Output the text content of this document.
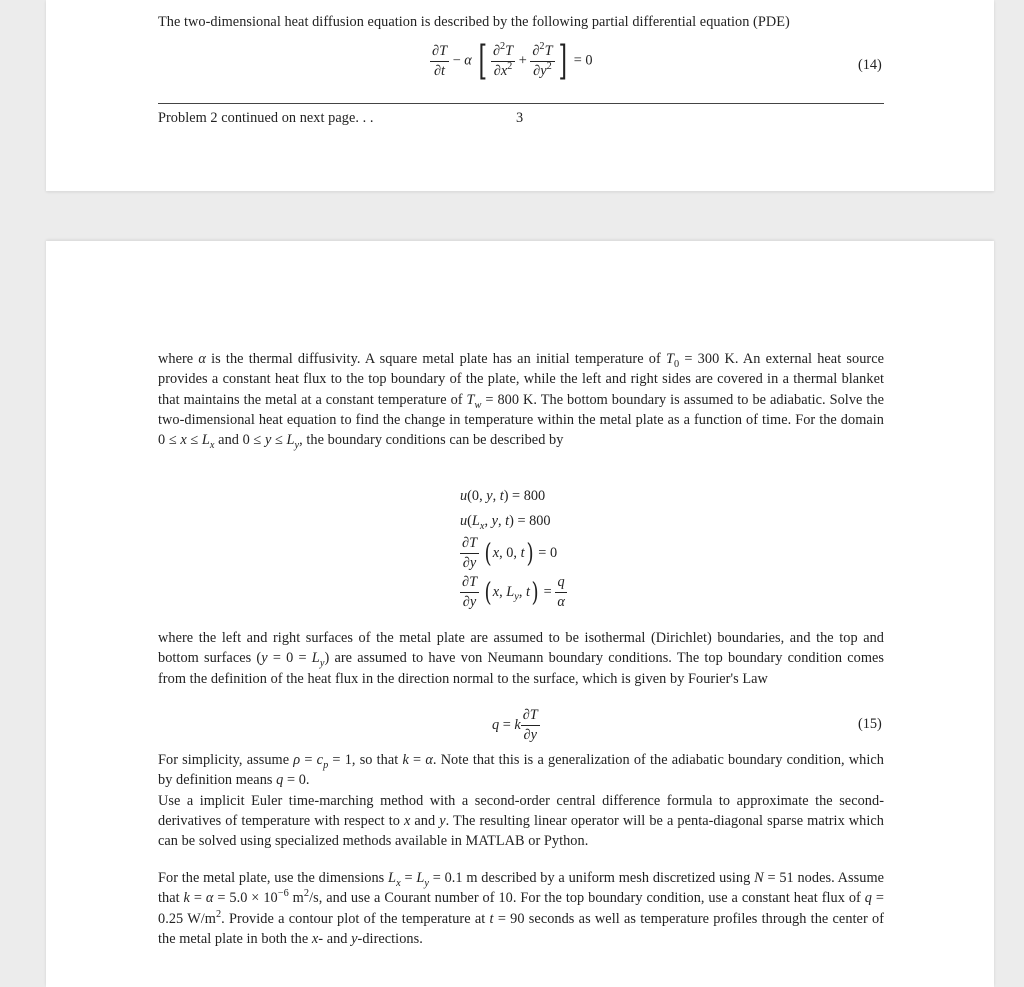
The two-dimensional heat diffusion equation is described by the following partial differential equation (PDE)
$\frac{\partial T}{\partial t} - \alpha$ [ $\frac{\partial^2T}{\partial x^2} + \frac{\partial^2T}{\partial y^2}$ ] = 0	(14)
Problem 2 continued on next page. . .	3
where α is the thermal diffusivity. A square metal plate has an initial temperature of $T_0 = 300$ K. An external heat source provides a constant heat flux to the top boundary of the plate, while the left and right sides are covered in a thermal blanket that maintains the metal at a constant temperature of $T_w = 800$ K. The bottom boundary is assumed to be adiabatic. Solve the two-dimensional heat equation to find the change in temperature within the metal plate as a function of time. For the domain $0 \le x \le L_x$ and $0 \le y \le L_y$, the boundary conditions can be described by
u(0, y, t) = 800
$u(L_x$, y, t) = 800
$\frac{\partial T}{\partial y}$ ( x, 0, t) = 0
$\frac{\partial T}{\partial y}$ ( x, $L_y$, $t) = \frac{q}{\alpha}$
where the left and right surfaces of the metal plate are assumed to be isothermal (Dirichlet) boundaries, and the top and bottom surfaces $(y = 0 = L_y)$ are assumed to have von Neumann boundary conditions. The top boundary condition comes from the definition of the heat flux in the direction normal to the surface, which is given by Fourier's Law
q = k $\frac{\partial T}{\partial y}$	(15)
For simplicity, assume $\rho = c_p = 1$, so that k = α. Note that this is a generalization of the adiabatic boundary condition, which by definition means q = 0.
Use a implicit Euler time-marching method with a second-order central difference formula to approximate the second-derivatives of temperature with respect to x and y. The resulting linear operator will be a penta-diagonal sparse matrix which can be solved using specialized methods available in MATLAB or Python.
For the metal plate, use the dimensions $L_x = L_y = 0.1$ m described by a uniform mesh discretized using N = 51 nodes. Assume that $k = \alpha = 5.0 \times 10^{-6}$ $m^2/s$, and use a Courant number of 10. For the top boundary condition, use a constant heat flux of q = 0.25 $W/m^2$. Provide a contour plot of the temperature at t = 90 seconds as well as temperature profiles through the center of the metal plate in both the x- and y-directions.
